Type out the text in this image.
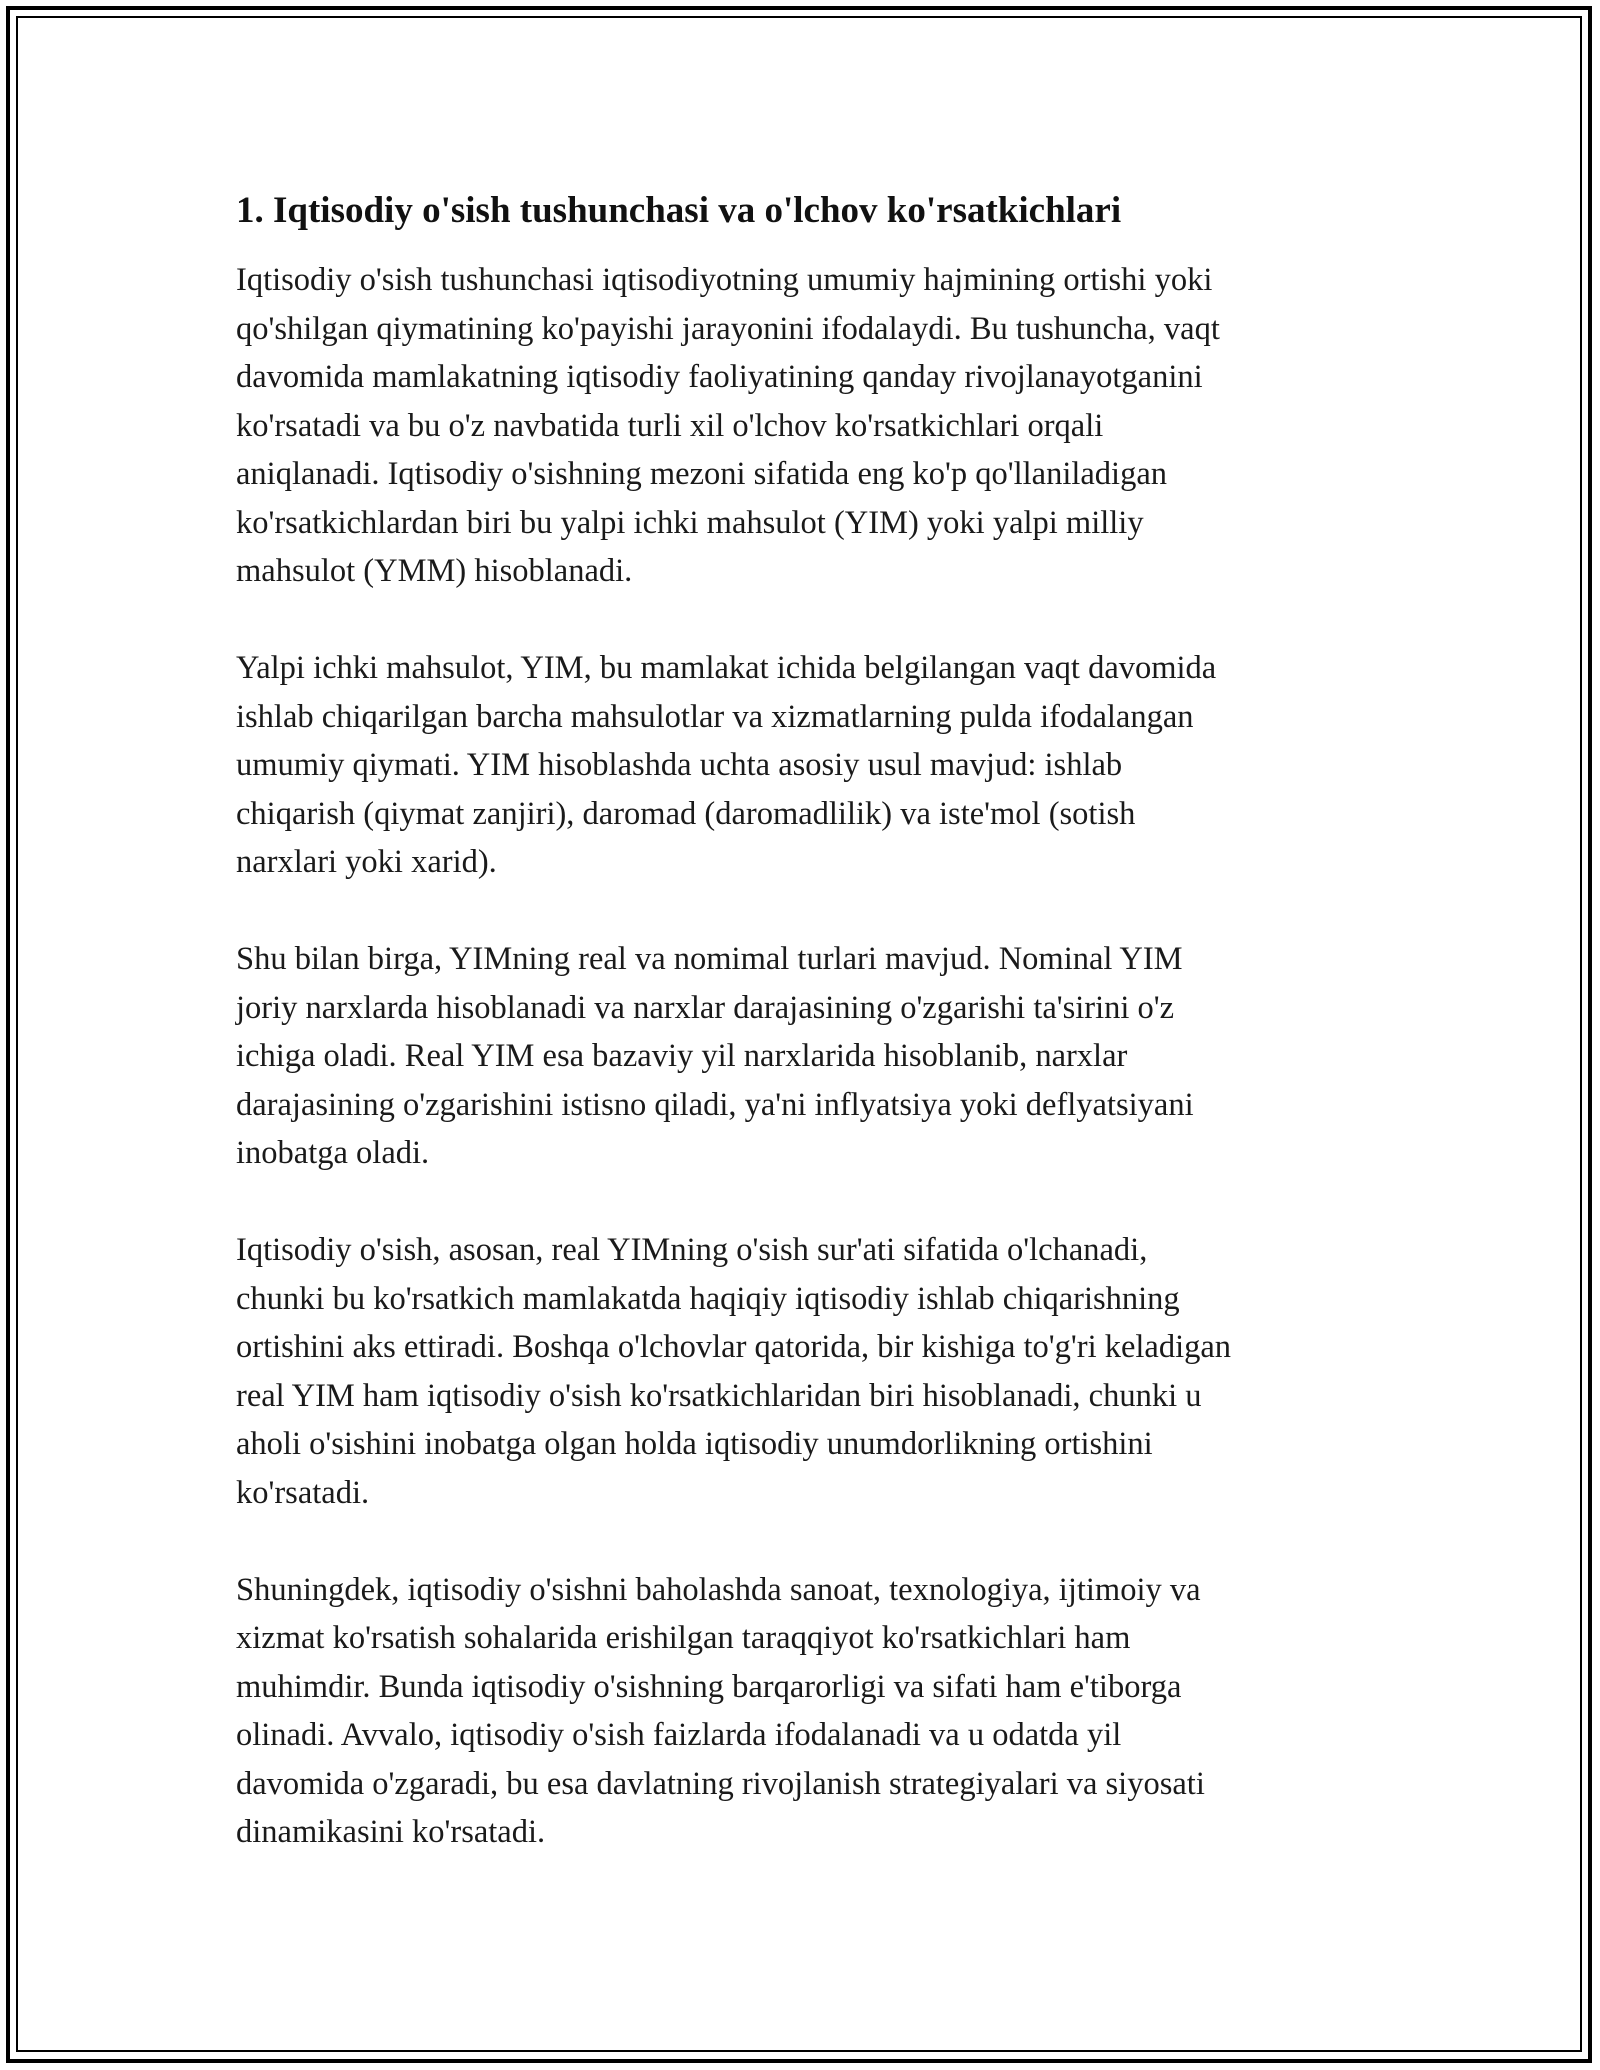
1. Iqtisodiy o'sish tushunchasi va o'lchov ko'rsatkichlari
Iqtisodiy o'sish tushunchasi iqtisodiyotning umumiy hajmining ortishi yoki
qo'shilgan qiymatining ko'payishi jarayonini ifodalaydi. Bu tushuncha, vaqt
davomida mamlakatning iqtisodiy faoliyatining qanday rivojlanayotganini
ko'rsatadi va bu o'z navbatida turli xil o'lchov ko'rsatkichlari orqali
aniqlanadi. Iqtisodiy o'sishning mezoni sifatida eng ko'p qo'llaniladigan
ko'rsatkichlardan biri bu yalpi ichki mahsulot (YIM) yoki yalpi milliy
mahsulot (YMM) hisoblanadi.
Yalpi ichki mahsulot, YIM, bu mamlakat ichida belgilangan vaqt davomida
ishlab chiqarilgan barcha mahsulotlar va xizmatlarning pulda ifodalangan
umumiy qiymati. YIM hisoblashda uchta asosiy usul mavjud: ishlab
chiqarish (qiymat zanjiri), daromad (daromadlilik) va iste'mol (sotish
narxlari yoki xarid).
Shu bilan birga, YIMning real va nomimal turlari mavjud. Nominal YIM
joriy narxlarda hisoblanadi va narxlar darajasining o'zgarishi ta'sirini o'z
ichiga oladi. Real YIM esa bazaviy yil narxlarida hisoblanib, narxlar
darajasining o'zgarishini istisno qiladi, ya'ni inflyatsiya yoki deflyatsiyani
inobatga oladi.
Iqtisodiy o'sish, asosan, real YIMning o'sish sur'ati sifatida o'lchanadi,
chunki bu ko'rsatkich mamlakatda haqiqiy iqtisodiy ishlab chiqarishning
ortishini aks ettiradi. Boshqa o'lchovlar qatorida, bir kishiga to'g'ri keladigan
real YIM ham iqtisodiy o'sish ko'rsatkichlaridan biri hisoblanadi, chunki u
aholi o'sishini inobatga olgan holda iqtisodiy unumdorlikning ortishini
ko'rsatadi.
Shuningdek, iqtisodiy o'sishni baholashda sanoat, texnologiya, ijtimoiy va
xizmat ko'rsatish sohalarida erishilgan taraqqiyot ko'rsatkichlari ham
muhimdir. Bunda iqtisodiy o'sishning barqarorligi va sifati ham e'tiborga
olinadi. Avvalo, iqtisodiy o'sish faizlarda ifodalanadi va u odatda yil
davomida o'zgaradi, bu esa davlatning rivojlanish strategiyalari va siyosati
dinamikasini ko'rsatadi.
